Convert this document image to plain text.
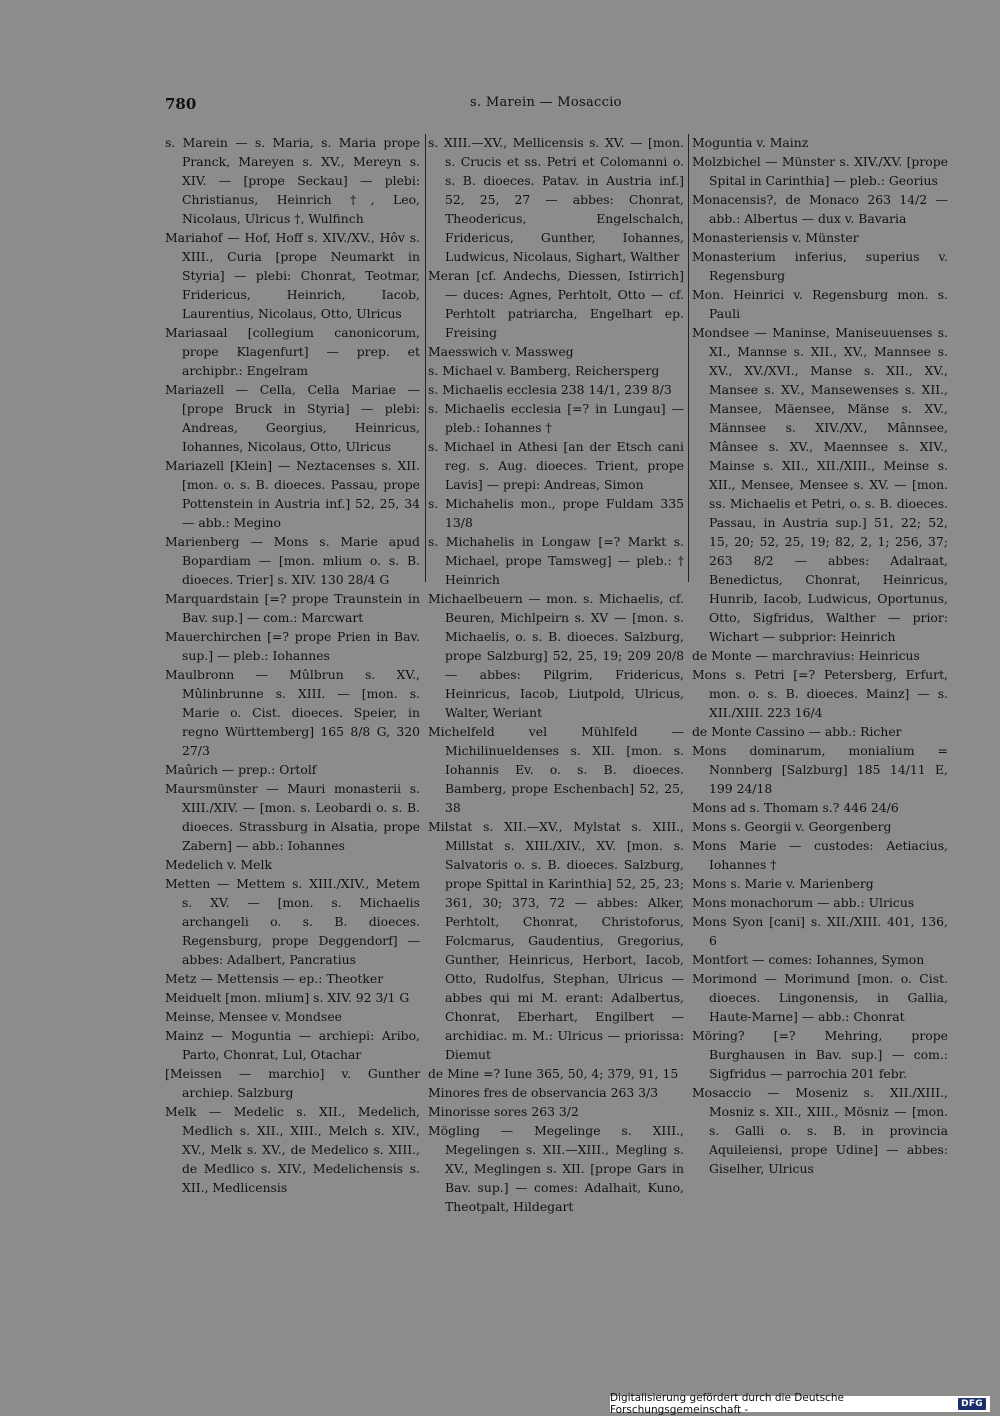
780	s. Marein — Mosaccio

s. Marein — s. Maria, s. Maria prope Pranck, Mareyen s. XV., Mereyn s. XIV. — [prope Seckau] — plebi: Christianus, Heinrich †, Leo, Nicolaus, Ulricus †, Wulfinch

Mariahof — Hof, Hoff s. XIV./XV., Hôv s. XIII., Curia [prope Neumarkt in Styria] — plebi: Chonrat, Teotmar, Fridericus, Heinrich, Iacob, Laurentius, Nicolaus, Otto, Ulricus

Mariasaal [collegium canonicorum, prope Klagenfurt] — prep. et archipbr.: Engelram

Mariazell — Cella, Cella Mariae — [prope Bruck in Styria] — plebi: Andreas, Georgius, Heinricus, Iohannes, Nicolaus, Otto, Ulricus

Mariazell [Klein] — Neztacenses s. XII. [mon. o. s. B. dioeces. Passau, prope Pottenstein in Austria inf.] 52, 25, 34 — abb.: Megino

Marienberg — Mons s. Marie apud Bopardiam — [mon. mlium o. s. B. dioeces. Trier] s. XIV. 130 28/4 G

Marquardstain [=? prope Traunstein in Bav. sup.] — com.: Marcwart

Mauerchirchen [=? prope Prien in Bav. sup.] — pleb.: Iohannes

Maulbronn — Mûlbrun s. XV., Mûlinbrunne s. XIII. — [mon. s. Marie o. Cist. dioeces. Speier, in regno Württemberg] 165 8/8 G, 320 27/3

Maûrich — prep.: Ortolf

Maursmünster — Mauri monasterii s. XIII./XIV. — [mon. s. Leobardi o. s. B. dioeces. Strassburg in Alsatia, prope Zabern] — abb.: Iohannes

Medelich v. Melk

Metten — Mettem s. XIII./XIV., Metem s. XV. — [mon. s. Michaelis archangeli o. s. B. dioeces. Regensburg, prope Deggendorf] — abbes: Adalbert, Pancratius

Metz — Mettensis — ep.: Theotker

Meiduelt [mon. mlium] s. XIV. 92 3/1 G

Meinse, Mensee v. Mondsee

Mainz — Moguntia — archiepi: Aribo, Parto, Chonrat, Lul, Otachar

[Meissen — marchio] v. Gunther archiep. Salzburg

Melk — Medelic s. XII., Medelich, Medlich s. XII., XIII., Melch s. XIV., XV., Melk s. XV., de Medelico s. XIII., de Medlico s. XIV., Medelichensis s. XII., Medlicensis

s. XIII.—XV., Mellicensis s. XV. — [mon. s. Crucis et ss. Petri et Colomanni o. s. B. dioeces. Patav. in Austria inf.] 52, 25, 27 — abbes: Chonrat, Theodericus, Engelschalch, Fridericus, Gunther, Iohannes, Ludwicus, Nicolaus, Sighart, Walther

Meran [cf. Andechs, Diessen, Istirrich] — duces: Agnes, Perhtolt, Otto — cf. Perhtolt patriarcha, Engelhart ep. Freising

Maesswich v. Massweg

s. Michael v. Bamberg, Reichersperg

s. Michaelis ecclesia 238 14/1, 239 8/3

s. Michaelis ecclesia [=? in Lungau] — pleb.: Iohannes †

s. Michael in Athesi [an der Etsch cani reg. s. Aug. dioeces. Trient, prope Lavis] — prepi: Andreas, Simon

s. Michahelis mon., prope Fuldam 335 13/8

s. Michahelis in Longaw [=? Markt s. Michael, prope Tamsweg] — pleb.: † Heinrich

Michaelbeuern — mon. s. Michaelis, cf. Beuren, Michlpeirn s. XV — [mon. s. Michaelis, o. s. B. dioeces. Salzburg, prope Salzburg] 52, 25, 19; 209 20/8 — abbes: Pilgrim, Fridericus, Heinricus, Iacob, Liutpold, Ulricus, Walter, Weriant

Michelfeld vel Mühlfeld — Michilinueldenses s. XII. [mon. s. Iohannis Ev. o. s. B. dioeces. Bamberg, prope Eschenbach] 52, 25, 38

Milstat s. XII.—XV., Mylstat s. XIII., Millstat s. XIII./XIV., XV. [mon. s. Salvatoris o. s. B. dioeces. Salzburg, prope Spittal in Karinthia] 52, 25, 23; 361, 30; 373, 72 — abbes: Alker, Perhtolt, Chonrat, Christoforus, Folcmarus, Gaudentius, Gregorius, Gunther, Heinricus, Herbort, Iacob, Otto, Rudolfus, Stephan, Ulricus — abbes qui mi M. erant: Adalbertus, Chonrat, Eberhart, Engilbert — archidiac. m. M.: Ulricus — priorissa: Diemut

de Mine =? Iune 365, 50, 4; 379, 91, 15

Minores fres de observancia 263 3/3

Minorisse sores 263 3/2

Mögling — Megelinge s. XIII., Megelingen s. XII.—XIII., Megling s. XV., Meglingen s. XII. [prope Gars in Bav. sup.] — comes: Adalhait, Kuno, Theotpalt, Hildegart

Moguntia v. Mainz

Molzbichel — Münster s. XIV./XV. [prope Spital in Carinthia] — pleb.: Georius

Monacensis?, de Monaco 263 14/2 — abb.: Albertus — dux v. Bavaria

Monasteriensis v. Münster

Monasterium inferius, superius v. Regensburg

Mon. Heinrici v. Regensburg mon. s. Pauli

Mondsee — Maninse, Maniseuuenses s. XI., Mannse s. XII., XV., Mannsee s. XV., XV./XVI., Manse s. XII., XV., Mansee s. XV., Mansewenses s. XII., Mansee, Mäensee, Mänse s. XV., Männsee s. XIV./XV., Mânnsee, Mânsee s. XV., Maennsee s. XIV., Mainse s. XII., XII./XIII., Meinse s. XII., Mensee, Mensee s. XV. — [mon. ss. Michaelis et Petri, o. s. B. dioeces. Passau, in Austria sup.] 51, 22; 52, 15, 20; 52, 25, 19; 82, 2, 1; 256, 37; 263 8/2 — abbes: Adalraat, Benedictus, Chonrat, Heinricus, Hunrib, Iacob, Ludwicus, Oportunus, Otto, Sigfridus, Walther — prior: Wichart — subprior: Heinrich

de Monte — marchravius: Heinricus

Mons s. Petri [=? Petersberg, Erfurt, mon. o. s. B. dioeces. Mainz] — s. XII./XIII. 223 16/4

de Monte Cassino — abb.: Richer

Mons dominarum, monialium = Nonnberg [Salzburg] 185 14/11 E, 199 24/18

Mons ad s. Thomam s.? 446 24/6

Mons s. Georgii v. Georgenberg

Mons Marie — custodes: Aetiacius, Iohannes †

Mons s. Marie v. Marienberg

Mons monachorum — abb.: Ulricus

Mons Syon [cani] s. XII./XIII. 401, 136, 6

Montfort — comes: Iohannes, Symon

Morimond — Morimund [mon. o. Cist. dioeces. Lingonensis, in Gallia, Haute-Marne] — abb.: Chonrat

Möring? [=? Mehring, prope Burghausen in Bav. sup.] — com.: Sigfridus — parrochia 201 febr.

Mosaccio — Moseniz s. XII./XIII., Mosniz s. XII., XIII., Mösniz — [mon. s. Galli o. s. B. in provincia Aquileiensi, prope Udine] — abbes: Giselher, Ulricus

Digitalisierung gefördert durch die Deutsche Forschungsgemeinschaft -	DFG
